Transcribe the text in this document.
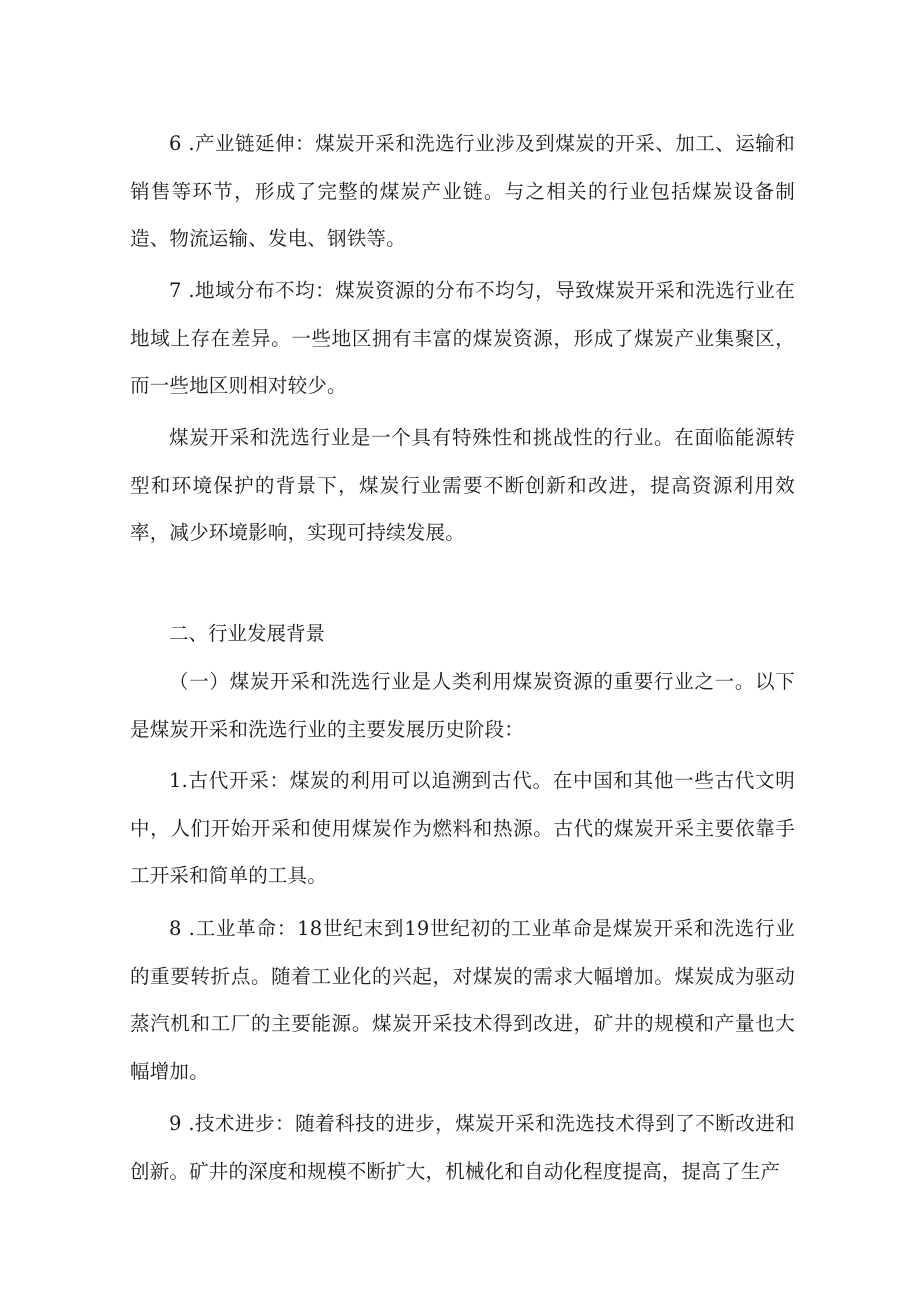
6 .产业链延伸：煤炭开采和洗选行业涉及到煤炭的开采、加工、运输和销售等环节，形成了完整的煤炭产业链。与之相关的行业包括煤炭设备制造、物流运输、发电、钢铁等。

7 .地域分布不均：煤炭资源的分布不均匀，导致煤炭开采和洗选行业在地域上存在差异。一些地区拥有丰富的煤炭资源，形成了煤炭产业集聚区，而一些地区则相对较少。

煤炭开采和洗选行业是一个具有特殊性和挑战性的行业。在面临能源转型和环境保护的背景下，煤炭行业需要不断创新和改进，提高资源利用效率，减少环境影响，实现可持续发展。

二、行业发展背景

（一）煤炭开采和洗选行业是人类利用煤炭资源的重要行业之一。以下是煤炭开采和洗选行业的主要发展历史阶段：

1.古代开采：煤炭的利用可以追溯到古代。在中国和其他一些古代文明中，人们开始开采和使用煤炭作为燃料和热源。古代的煤炭开采主要依靠手工开采和简单的工具。

8 .工业革命：18世纪末到19世纪初的工业革命是煤炭开采和洗选行业的重要转折点。随着工业化的兴起，对煤炭的需求大幅增加。煤炭成为驱动蒸汽机和工厂的主要能源。煤炭开采技术得到改进，矿井的规模和产量也大幅增加。

9 .技术进步：随着科技的进步，煤炭开采和洗选技术得到了不断改进和创新。矿井的深度和规模不断扩大，机械化和自动化程度提高，提高了生产
